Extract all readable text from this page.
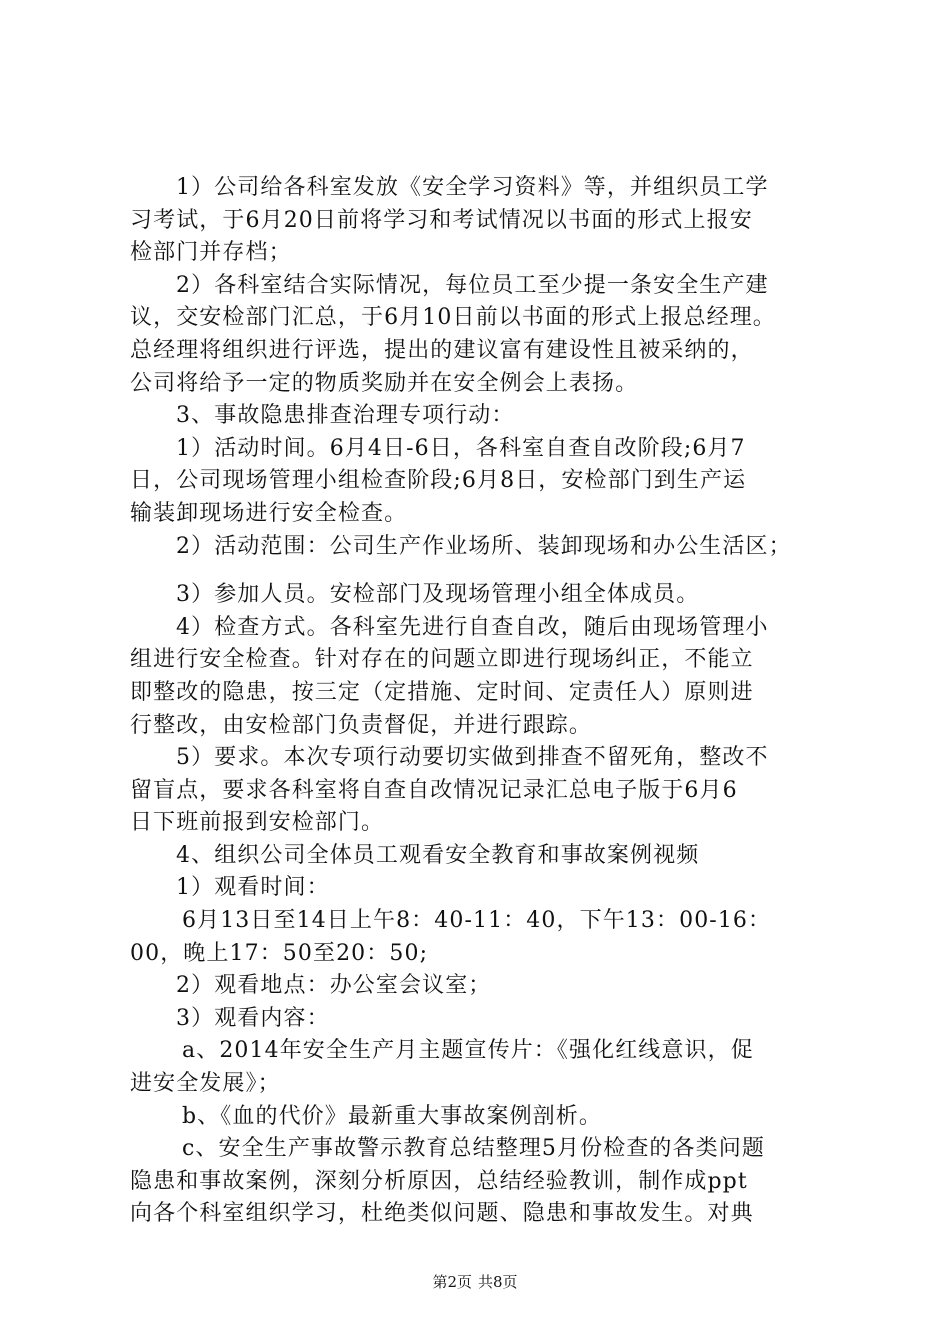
1）公司给各科室发放《安全学习资料》等，并组织员工学
习考试，于6月20日前将学习和考试情况以书面的形式上报安
检部门并存档；
2）各科室结合实际情况，每位员工至少提一条安全生产建
议，交安检部门汇总，于6月10日前以书面的形式上报总经理。
总经理将组织进行评选，提出的建议富有建设性且被采纳的，
公司将给予一定的物质奖励并在安全例会上表扬。
3、事故隐患排查治理专项行动：
1）活动时间。6月4日-6日，各科室自查自改阶段;6月7
日，公司现场管理小组检查阶段;6月8日，安检部门到生产运
输装卸现场进行安全检查。
2）活动范围：公司生产作业场所、装卸现场和办公生活区；
3）参加人员。安检部门及现场管理小组全体成员。
4）检查方式。各科室先进行自查自改，随后由现场管理小
组进行安全检查。针对存在的问题立即进行现场纠正，不能立
即整改的隐患，按三定（定措施、定时间、定责任人）原则进
行整改，由安检部门负责督促，并进行跟踪。
5）要求。本次专项行动要切实做到排查不留死角，整改不
留盲点，要求各科室将自查自改情况记录汇总电子版于6月6
日下班前报到安检部门。
4、组织公司全体员工观看安全教育和事故案例视频
1）观看时间：
6月13日至14日上午8：40-11：40，下午13：00-16：
00，晚上17：50至20：50;
2）观看地点：办公室会议室；
3）观看内容：
a、2014年安全生产月主题宣传片：《强化红线意识，促
进安全发展》；
b、《血的代价》最新重大事故案例剖析。
c、安全生产事故警示教育总结整理5月份检查的各类问题
隐患和事故案例，深刻分析原因，总结经验教训，制作成ppt
向各个科室组织学习，杜绝类似问题、隐患和事故发生。对典
第2页 共8页
